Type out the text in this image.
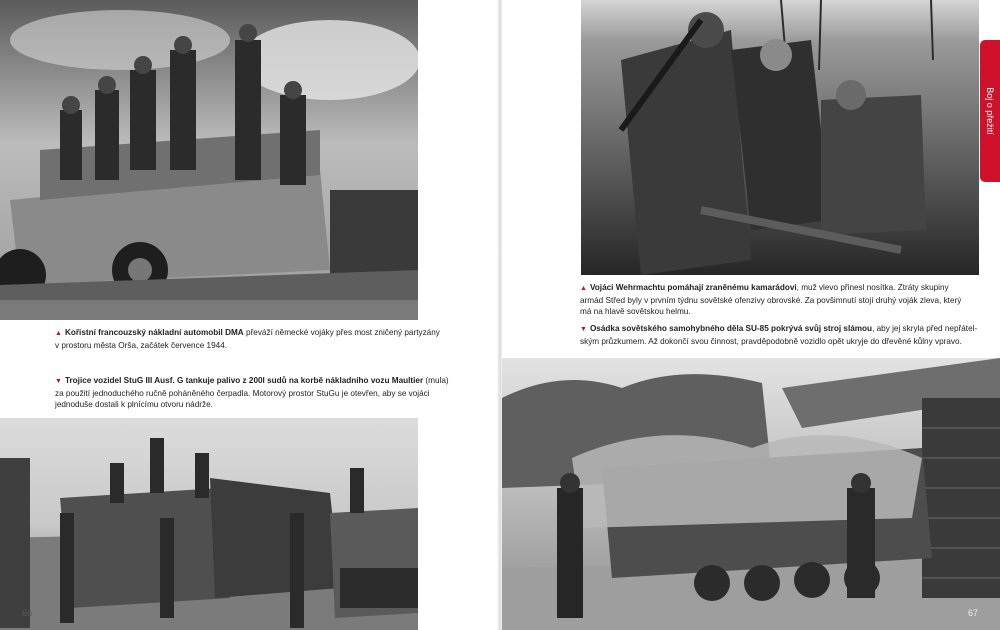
▲ Kořistní francouzský nákladní automobil DMA převáží německé vojáky přes most zničený partyzány
v prostoru města Orša, začátek července 1944.
▼ Trojice vozidel StuG III Ausf. G tankuje palivo z 200l sudů na korbě nákladního vozu Maultier (mula)
za použití jednoduchého ručně poháněného čerpadla. Motorový prostor StuGu je otevřen, aby se vojáci
jednoduše dostali k plnícímu otvoru nádrže.
66
Boj o přežití
▲ Vojáci Wehrmachtu pomáhají zraněnému kamarádovi, muž vlevo přinesl nosítka. Ztráty skupiny
armád Střed byly v prvním týdnu sovětské ofenzivy obrovské. Za povšimnutí stojí druhý voják zleva, který
má na hlavě sovětskou helmu.
▼ Osádka sovětského samohybného děla SU-85 pokrývá svůj stroj slámou, aby jej skryla před nepřátel-
ským průzkumem. Až dokončí svou činnost, pravděpodobně vozidlo opět ukryje do dřevěné kůlny vpravo.
67
